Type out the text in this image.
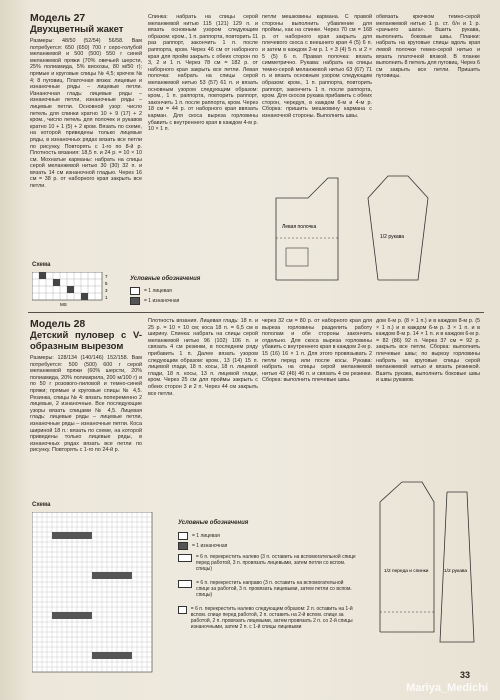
Модель 27
Двухцветный жакет

Размеры: 48/50 (52/54) 56/58. Вам потребуется: 650 (650) 700 г серо-голубой меланжевой и 500 (500) 550 г синей меланжевой пряжи (70% овечьей шерсти, 25% полиамида, 5% вискозы, 80 м/50 г); прямые и круговые спицы № 4,5; крючок № 4; 8 пуговиц. Платочная вязка: лицевые и изнаночные ряды – лицевые петли. Изнаночная гладь: лицевые ряды – изнаночные петли, изнаночные ряды – лицевые петли. Основной узор: число петель для спинки кратно 10 + 9 (17) + 2 кром., число петель для полочек и рукавов кратно 10 + 1 (5) + 2 кром. Вязать по схеме, на которой приведены только лицевые ряды, в изнаночных рядах вязать все петли по рисунку. Повторять с 1-го по 8-й р. Плотность вязания: 18,5 п. и 24 р. = 10 × 10 см. Мохнатые карманы: набрать на спицы серой меланжевой нитью 30 (30) 32 п. и вязать 14 см изнаночной гладью. Через 16 см = 38 р. от наборного края закрыть все петли.

Спинка: набрать на спицы серой меланжевой нитью 115 (121) 129 п. и вязать основным узором следующим образом: кром., 1 п. раппорта, повторить 11 раз раппорт, закончить 1 п. после раппорта, кром. Через 46 см от наборного края для пройм закрыть с обеих сторон по 3, 2 и 1 п. Через 78 см = 182 р. от наборного края закрыть все петли. Левая полочка: набрать на спицы серой меланжевой нитью 53 (57) 61 п. и вязать основным узором следующим образом: кром., 1 п. раппорта, повторить раппорт, закончить 1 п. после раппорта, кром. Через 18 см = 44 р. от наборного края ввязать карман. Для скоса выреза горловины убавить с внутреннего края в каждом 4-м р. 10 × 1 п.

петли мешковины кармана. С правой стороны выполнить убавление для проймы, как на спинке. Через 70 см = 168 р. от наборного края закрыть для плечевого скоса с внешнего края 4 (5) 6 п. и затем в каждом 2-м р. 1 × 3 (4) 5 п. и 2 × 5 (5) 6 п. Правая полочка: вязать симметрично. Рукава: набрать на спицы темно-серой меланжевой нитью 63 (67) 71 п. и вязать основным узором следующим образом: кром., 1 п. раппорта, повторить раппорт, закончить 1 п. после раппорта, кром. Для скосов рукава прибавить с обеих сторон, чередуя, в каждом 6-м и 4-м р. Сборка: пришить мешковину кармана с изнаночной стороны. Выполнить швы.

обвязать крючком темно-серой меланжевой нитью 1 р. ст. б/н и 1 р. «рачьего шага». Вшить рукава, выполнить боковые швы. Планки: набрать на круговые спицы вдоль края левой полочки темно-серой нитью и вязать платочной вязкой. В планке выполнить 8 петель для пуговиц. Через 6 см закрыть все петли. Пришить пуговицы.

Левая полочка
1/2 рукава
Схема
7
5
3
1
МS
Условные обозначения
= 1 лицевая
= 1 изнаночная
Модель 28
Детский пуловер с V-образным вырезом

Размеры: 128/134 (140/146) 152/158. Вам потребуется: 500 (500) 600 г серой меланжевой пряжи (60% шерсти, 20% полиамида, 20% полиакрила, 200 м/100 г) и по 50 г розового-лиловой и темно-синей пряжи; прямые и круговые спицы № 4,5. Резинка, спицы № 4: вязать попеременно 2 лицевые, 2 изнаночные. Все последующие узоры вязать спицами № 4,5. Лицевая гладь: лицевые ряды – лицевые петли, изнаночные ряды – изнаночные петли. Коса шириной 18 п.: вязать по схеме, на которой приведены только лицевые ряды, в изнаночных рядах вязать все петли по рисунку. Повторять с 1-го по 24-й р.

Плотность вязания. Лицевая гладь: 18 п. и 25 р. = 10 × 10 см; коса 18 п. = 6,5 см в ширину. Спинка: набрать на спицы серой меланжевой нитью 96 (102) 106 п. и связать 4 см резинки, в последнем ряду прибавить 1 п. Далее вязать узором следующим образом: кром., 13 (14) 15 п. лицевой глади, 18 п. косы, 18 п. лицевой глади, 18 п. косы, 13 п. лицевой глади, кром. Через 25 см для проймы закрыть с обеих сторон 3 и 2 п. Через 44 см закрыть все петли.

через 32 см = 80 р. от наборного края для выреза горловины разделить работу пополам и обе стороны закончить отдельно. Для скоса выреза горловины убавить с внутреннего края в каждом 2-м р. 15 (16) 16 × 1 п. Для этого провязывать 2 петли перед или после косы. Рукава: набрать на спицы серой меланжевой нитью 42 (46) 46 п. и связать 4 см резинки. Сборка: выполнить плечевые швы.

дом 6-м р. (8 × 1 п.) и в каждом 8-м р. (5 × 1 п.) и в каждом 6-м р. 3 × 1 п. и в каждом 8-м р. 14 × 1 п. и в каждом 6-м р. = 82 (86) 92 п. Через 37 см = 92 р. закрыть все петли. Сборка: выполнить плечевые швы; по вырезу горловины набрать на круговые спицы серой меланжевой нитью и вязать резинкой. Вшить рукава, выполнить боковые швы и швы рукавов.

1/2 переда и спинки	1/2 рукава
Схема
Условные обозначения
= 1 лицевая
= 1 изнаночная
= 6 п. перекрестить налево (3 п. оставить на вспомогательной спице перед работой, 3 п. провязать лицевыми, затем петли со вспом. спицы)
= 6 п. перекрестить направо (3 п. оставить на вспомогательной спице за работой, 3 п. провязать лицевыми, затем петли со вспом. спицы)
= 6 п. перекрестить налево следующим образом: 2 п. оставить на 1-й вспом. спице перед работой, 2 п. оставить на 2-й вспом. спице за работой, 2 п. провязать лицевыми, затем провязать 2 п. со 2-й спицы изнаночными, затем 2 п. с 1-й спицы лицевыми
33
Mariya_Medichi
